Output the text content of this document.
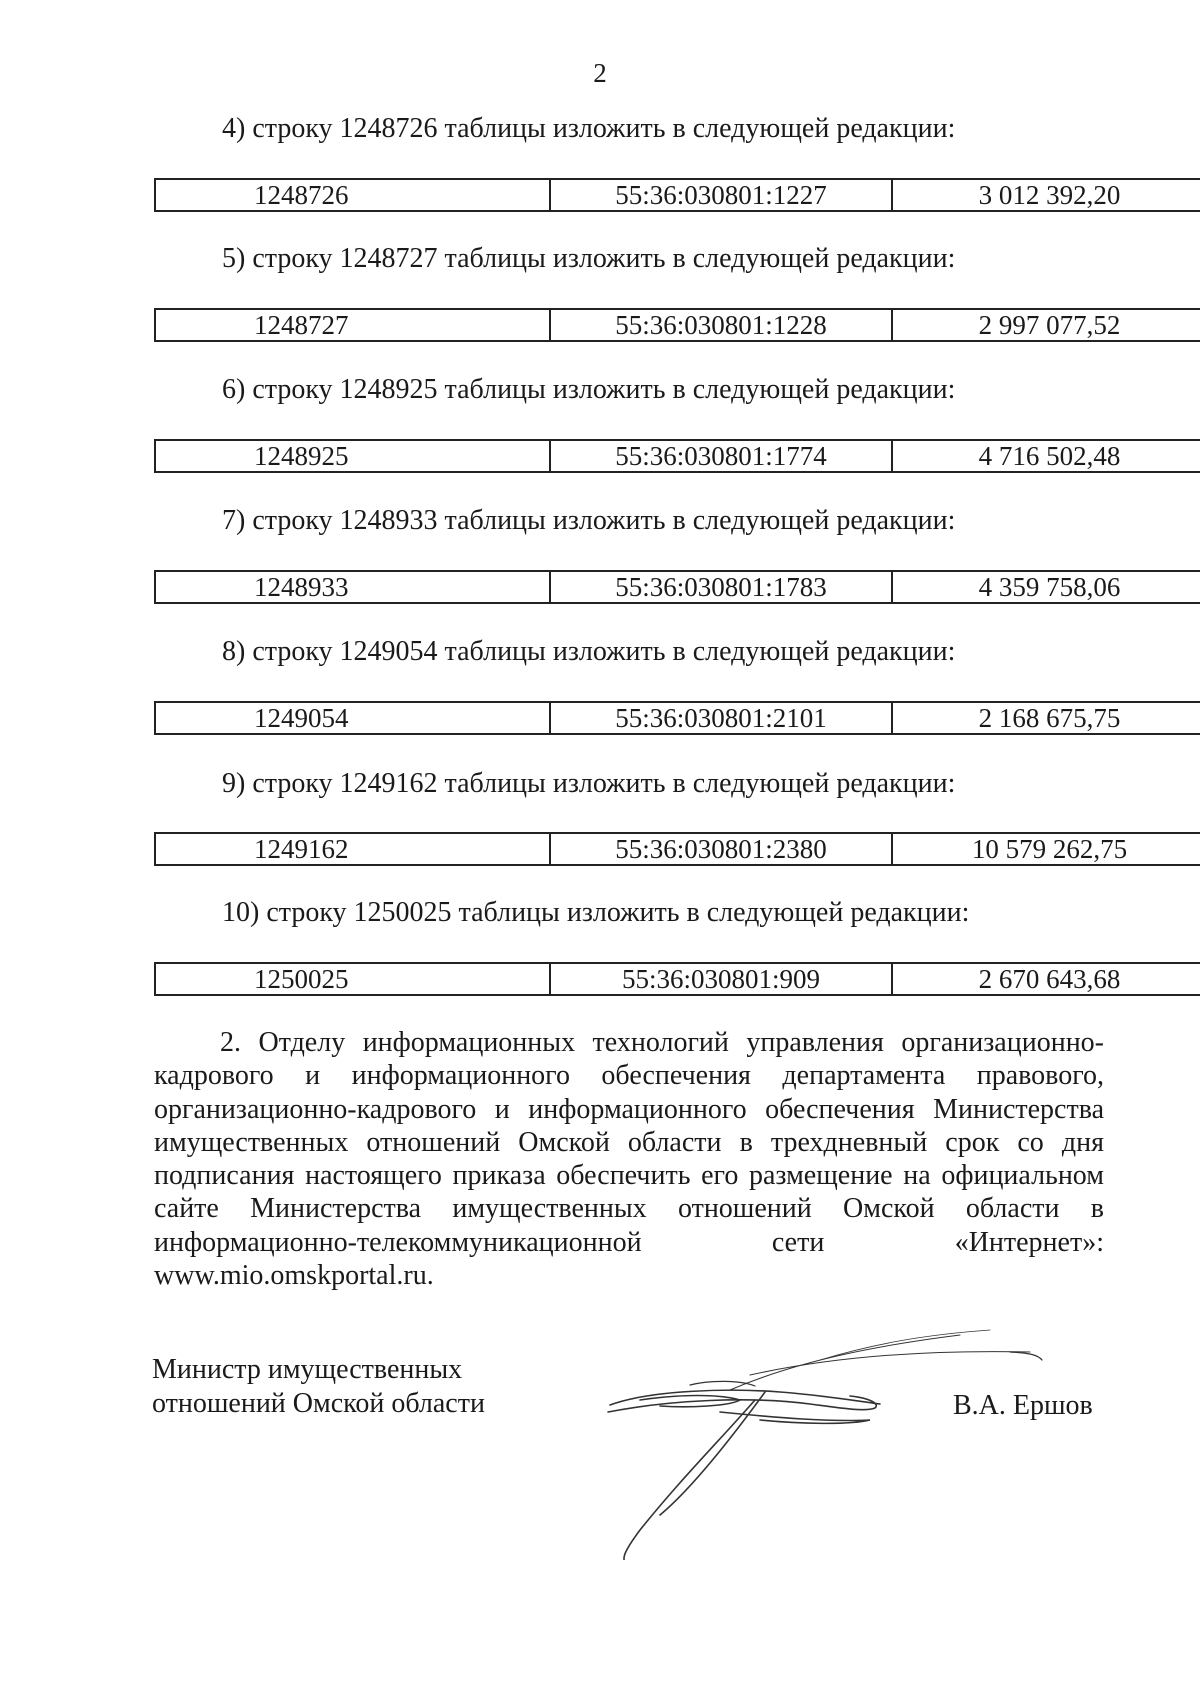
2
4) строку 1248726 таблицы изложить в следующей редакции:
1248726	55:36:030801:1227	3 012 392,20
5) строку 1248727 таблицы изложить в следующей редакции:
1248727	55:36:030801:1228	2 997 077,52
6) строку 1248925 таблицы изложить в следующей редакции:
1248925	55:36:030801:1774	4 716 502,48
7) строку 1248933 таблицы изложить в следующей редакции:
1248933	55:36:030801:1783	4 359 758,06
8) строку 1249054 таблицы изложить в следующей редакции:
1249054	55:36:030801:2101	2 168 675,75
9) строку 1249162 таблицы изложить в следующей редакции:
1249162	55:36:030801:2380	10 579 262,75
10) строку 1250025 таблицы изложить в следующей редакции:
1250025	55:36:030801:909	2 670 643,68
2. Отделу информационных технологий управления организационно-кадрового и информационного обеспечения департамента правового, организационно-кадрового и информационного обеспечения Министерства имущественных отношений Омской области в трехдневный срок со дня подписания настоящего приказа обеспечить его размещение на официальном сайте Министерства имущественных отношений Омской области в информационно-телекоммуникационной сети «Интернет»: www.mio.omskportal.ru.
Министр имущественных
отношений Омской области	В.А. Ершов
